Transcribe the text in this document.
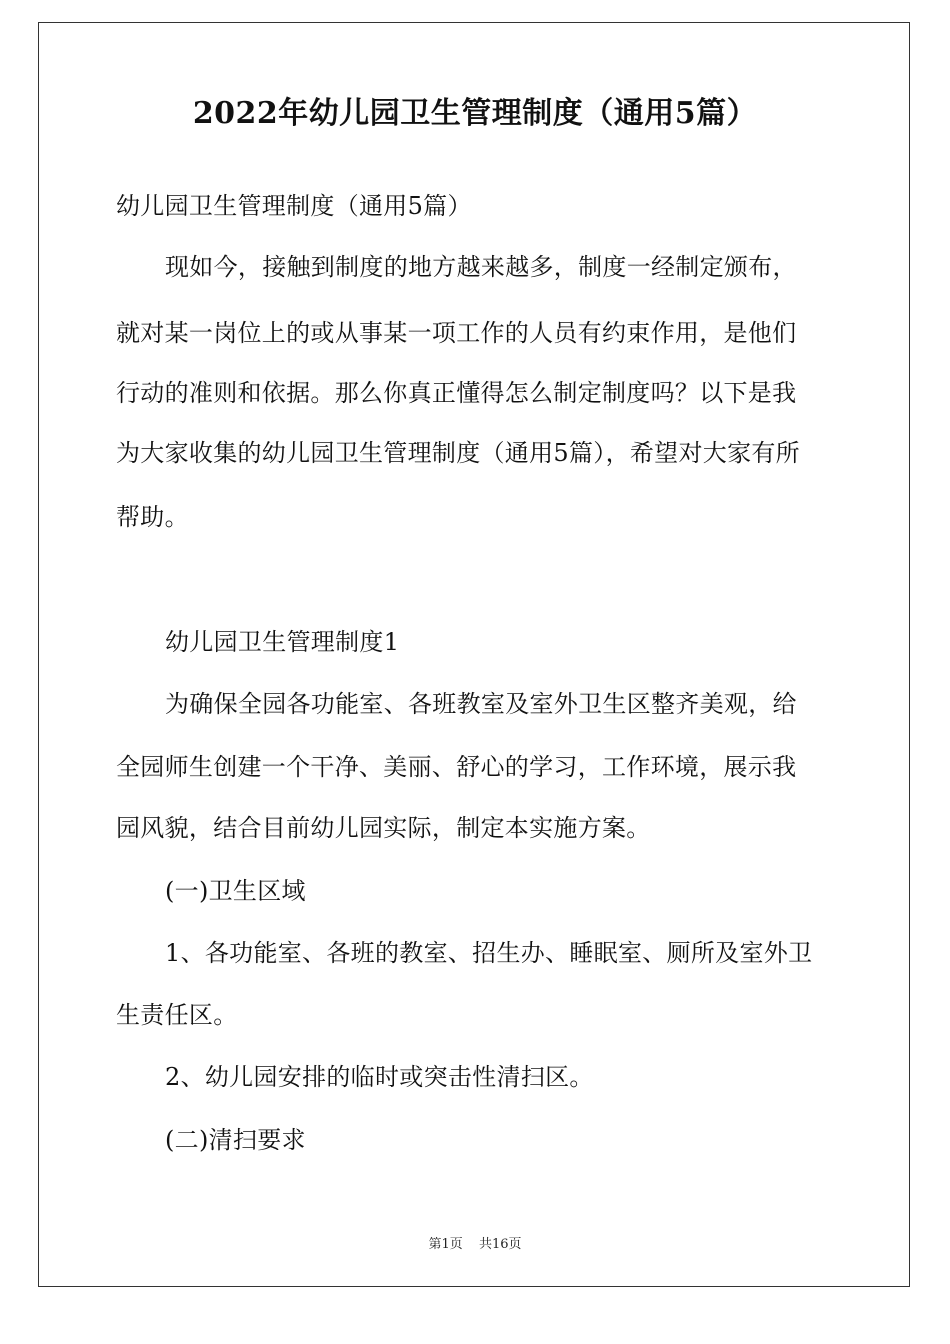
2022年幼儿园卫生管理制度（通用5篇）
幼儿园卫生管理制度（通用5篇）
现如今，接触到制度的地方越来越多，制度一经制定颁布，
就对某一岗位上的或从事某一项工作的人员有约束作用，是他们
行动的准则和依据。那么你真正懂得怎么制定制度吗？以下是我
为大家收集的幼儿园卫生管理制度（通用5篇），希望对大家有所
帮助。
幼儿园卫生管理制度1
为确保全园各功能室、各班教室及室外卫生区整齐美观，给
全园师生创建一个干净、美丽、舒心的学习，工作环境，展示我
园风貌，结合目前幼儿园实际，制定本实施方案。
(一)卫生区域
1、各功能室、各班的教室、招生办、睡眠室、厕所及室外卫
生责任区。
2、幼儿园安排的临时或突击性清扫区。
(二)清扫要求
第1页 共16页
